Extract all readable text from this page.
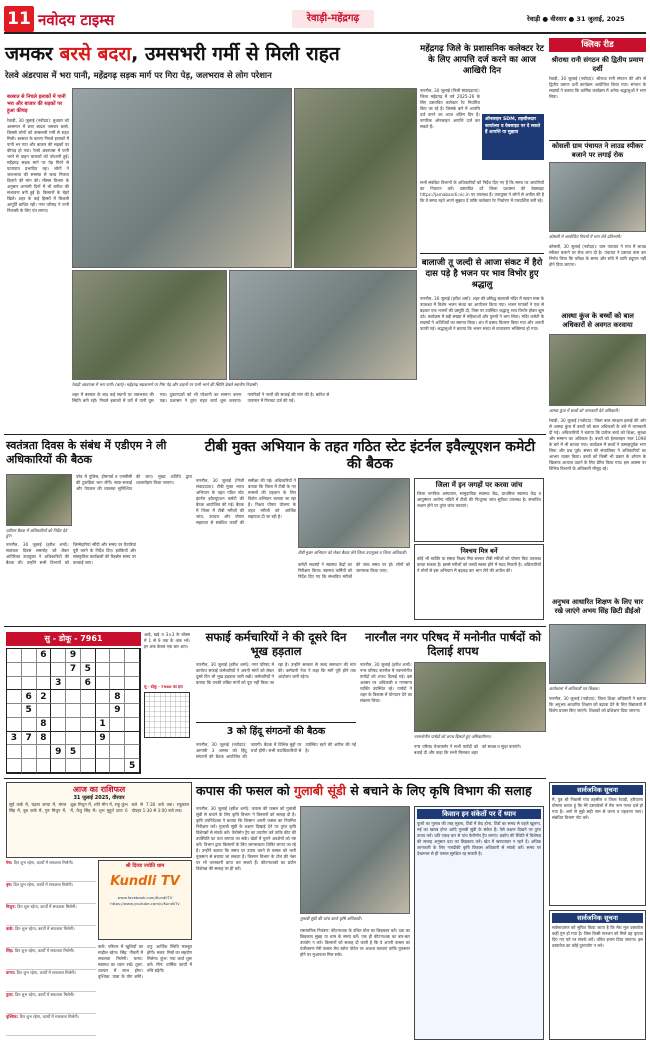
11 नवोदय टाइम्स	रेवाड़ी-महेंद्रगढ़	रेवाड़ी ● वीरवार ● 31 जुलाई, 2025
जमकर बरसे बदरा, उमसभरी गर्मी से मिली राहत
रेलवे अंडरपास में भरा पानी, महेंद्रगढ़ सड़क मार्ग पर गिरा पेड़, जलभराव से लोग परेशान
बरसात से निचले इलाकों में पानी भरा और बाजार की सड़कों पर हुआ कीचड़
रेवाड़ी, 30 जुलाई (नवोदय): बुधवार को आसमान में छाए बादल जमकर बरसे, जिससे लोगों को उमसभरी गर्मी से राहत मिली। बरसात के कारण निचले इलाकों में पानी भर गया और बाजार की सड़कों पर कीचड़ हो गया। रेलवे अंडरपास में पानी भरने से वाहन चालकों को परेशानी हुई। महेंद्रगढ़ सड़क मार्ग पर पेड़ गिरने से यातायात प्रभावित रहा। लोगों ने जलभराव की समस्या से जल्द निजात दिलाने की मांग की। मौसम विभाग के अनुसार आगामी दिनों में भी बारिश की संभावना बनी हुई है। किसानों के चेहरे खिले। शहर के कई हिस्सों में बिजली आपूर्ति बाधित रही। नगर परिषद ने पानी निकासी के लिए पंप लगाए।
रेवाड़ी अंडरपास में भरा पानी। (बाएं)। महेंद्रगढ़ सड़कमार्ग पर गिरा पेड़ और वाहनों पर पानी भरने की स्थिति देखते स्थानीय निवासी।
शहर में बरसात के बाद कई स्थानों पर जलभराव की स्थिति बनी रही। निचले इलाकों में घरों में पानी घुस गया। दुकानदारों को भी परेशानी का सामना करना पड़ा। प्रशासन ने तुरंत राहत कार्य शुरू करवाए। नागरिकों ने नालों की सफाई की मांग की है। बारिश से तापमान में गिरावट दर्ज की गई।
महेंद्रगढ़ जिले के प्रशासनिक कलेक्टर रेट के लिए आपत्ति दर्ज करने का आज आखिरी दिन
नारनौल, 30 जुलाई (निजी संवाददाता): जिला महेंद्रगढ़ में वर्ष 2025-26 के लिए प्रस्तावित कलेक्टर रेट निर्धारित किए जा रहे हैं। जिसके बारे में आपत्ति दर्ज करने का आज अंतिम दिन है। नागरिक ऑनलाइन आपत्ति दर्ज कर सकते हैं।
ऑनलाइन SDM, तहसीलदार कार्यालय व वेबसाइट पर दे सकते हैं आपत्ति या सुझाव
सभी संबंधित विभागों के अधिकारियों को निर्देश दिए गए हैं कि समय पर आपत्तियों का निपटान करें। प्रस्तावित दरें जिला प्रशासन की वेबसाइट https://jamabandi.nic.in पर उपलब्ध हैं। उपायुक्त ने लोगों से अपील की है कि वे समय रहते अपने सुझाव दें ताकि कलेक्टर रेट निर्धारण में पारदर्शिता बनी रहे।
बालाजी तू जल्दी से आजा संकट में हैरो दास पड़े है भजन पर भाव विभोर हुए श्रद्धालु
नारनौल, 30 जुलाई (हरीश शर्मा): शहर की प्रसिद्ध बालाजी मंदिर में सावन मास के उपलक्ष्य में विशेष भजन संध्या का आयोजन किया गया। भजन गायकों ने एक से बढ़कर एक भजनों की प्रस्तुति दी, जिस पर उपस्थित श्रद्धालु भाव विभोर होकर झूम उठे। कार्यक्रम में बड़ी संख्या में महिलाओं और पुरुषों ने भाग लिया। मंदिर कमेटी के सदस्यों ने अतिथियों का स्वागत किया। अंत में प्रसाद वितरण किया गया और आरती उतारी गई। श्रद्धालुओं ने बताया कि भजन संध्या से वातावरण भक्तिमय हो गया।
क्लिक रीड
श्रीराधा रानी संगठन की द्वितीय प्रमाण दर्शी
रेवाड़ी, 30 जुलाई (नवोदय): श्रीराधा रानी संगठन की ओर से द्वितीय प्रमाण दर्शी कार्यक्रम आयोजित किया गया। संगठन के सदस्यों ने बताया कि धार्मिक कार्यक्रम में अनेक श्रद्धालुओं ने भाग लिया।
कोसली ग्राम पंचायत ने लाउड स्पीकर बजाने पर लगाई रोक
कोसली में आयोजित नियमों में भाग लेते प्रतिभागी।
कोसली, 30 जुलाई (नवोदय): ग्राम पंचायत ने गांव में लाउड स्पीकर बजाने पर रोक लगा दी है। पंचायत ने प्रस्ताव पास कर निर्णय लिया कि परीक्षा के समय और रात्रि में ध्वनि प्रदूषण नहीं होने दिया जाएगा।
आस्था कुंज के बच्चों को बाल अधिकारों से अवगत करवाया
आस्था कुंज में बच्चों को जानकारी देते अधिकारी।
रेवाड़ी, 30 जुलाई (नवोदय): जिला बाल संरक्षण इकाई की ओर से आस्था कुंज में बच्चों को बाल अधिकारों के बारे में जानकारी दी गई। अधिकारियों ने बताया कि प्रत्येक बच्चे को शिक्षा, सुरक्षा और सम्मान का अधिकार है। बच्चों को हेल्पलाइन नंबर 1098 के बारे में भी बताया गया। कार्यक्रम में बच्चों ने उत्साहपूर्वक भाग लिया और प्रश्न पूछे। संस्था की संचालिका ने अधिकारियों का आभार व्यक्त किया। बच्चों को किसी भी प्रकार के शोषण के खिलाफ आवाज उठाने के लिए प्रेरित किया गया। इस अवसर पर विभिन्न विभागों के अधिकारी मौजूद रहे।
अनुभव आधारित शिक्षण के लिए चार रखे जाएंगे अभय सिंह छिटी डीईओ
कार्यशाला में अधिकारी एवं शिक्षक।
नारनौल, 30 जुलाई (नवोदय): जिला शिक्षा अधिकारी ने बताया कि अनुभव आधारित शिक्षण को बढ़ावा देने के लिए विद्यालयों में विशेष प्रयास किए जाएंगे। शिक्षकों को प्रशिक्षण दिया जाएगा।
स्वतंत्रता दिवस के संबंध में एडीएम ने ली अधिकारियों की बैठक
एडीएम बैठक में अधिकारियों को निर्देश देते हुए।
नारनौल, 30 जुलाई (हरीश शर्मा): स्वतंत्रता दिवस समारोह को लेकर अतिरिक्त उपायुक्त ने अधिकारियों की बैठक ली। उन्होंने सभी विभागों को जिम्मेदारियां सौंपी और समय पर तैयारियां पूरी करने के निर्देश दिए। झांकियों और सांस्कृतिक कार्यक्रमों की रिहर्सल समय पर करवाई जाए।
परेड में पुलिस, होमगार्ड व एनसीसी की टुकड़ियां भाग लेंगी। साफ-सफाई और पेयजल की व्यवस्था सुनिश्चित की जाए। मुख्य अतिथि द्वारा ध्वजारोहण किया जाएगा।
टीबी मुक्त अभियान के तहत गठित स्टेट इंटर्नल इवैल्यूएशन कमेटी की बैठक
नारनौल, 30 जुलाई (निजी संवाददाता): टीबी मुक्त भारत अभियान के तहत गठित स्टेट इंटर्नल इवैल्यूएशन कमेटी की बैठक आयोजित की गई। बैठक में जिला में टीबी मरीजों की जांच, उपचार और पोषण सहायता से संबंधित कार्यों की समीक्षा की गई। अधिकारियों ने बताया कि जिला में टीबी के नए मामलों की पहचान के लिए विशेष अभियान चलाया जा रहा है। निक्षय पोषण योजना के तहत मरीजों को आर्थिक सहायता दी जा रही है।
टीबी मुक्त अभियान को लेकर बैठक लेते जिला उपायुक्त व जिला अधिकारी।
कमेटी सदस्यों ने स्वास्थ्य केंद्रों का निरीक्षण किया। स्वास्थ्य कर्मियों को निर्देश दिए गए कि संभावित मरीजों की जांच समय पर हो। लोगों को जागरूक किया जाए।
जिला में इन जगहों पर करवा जांच
जिला नागरिक अस्पताल, सामुदायिक स्वास्थ्य केंद्र, प्राथमिक स्वास्थ्य केंद्र व आयुष्मान आरोग्य मंदिरों में टीबी की निःशुल्क जांच सुविधा उपलब्ध है। संभावित लक्षण होने पर तुरंत जांच करवाएं।
निश्चय मित्र बनें
कोई भी व्यक्ति या संस्था निक्षय मित्र बनकर टीबी मरीजों को पोषण किट उपलब्ध करवा सकता है। इससे मरीजों को जल्दी स्वस्थ होने में मदद मिलती है। अधिकारियों ने लोगों से इस अभियान में बढ़चढ़ कर भाग लेने की अपील की।
सु - डोकू - 7961
6	9
7 5
3	6
6 2	8
5	9
8	1
3 7 8	9
9 5
5
आड़े, खड़े व 3×3 के बॉक्स में 1 से 9 तक के अंक भरें। हर अंक केवल एक बार आए।
सु - डोकू - 7960 का हल
सफाई कर्मचारियों ने की दूसरे दिन भूख हड़ताल
नारनौल, 30 जुलाई (हरीश शर्मा): नगर परिषद में कार्यरत सफाई कर्मचारियों ने अपनी मांगों को लेकर दूसरे दिन भी भूख हड़ताल जारी रखी। कर्मचारियों ने बताया कि उनकी लंबित मांगों को पूरा नहीं किया जा रहा है। उन्होंने सरकार से जल्द समाधान की मांग की। कर्मचारी नेता ने कहा कि मांगें पूरी होने तक आंदोलन जारी रहेगा।
3 को हिंदू संगठनों की बैठक
नारनौल, 30 जुलाई (नवोदय): आगामी 3 अगस्त को हिंदू संगठनों की बैठक आयोजित की जाएगी। बैठक में विभिन्न मुद्दों पर चर्चा होगी। सभी पदाधिकारियों से उपस्थित रहने की अपील की गई है।
नारनौल नगर परिषद में मनोनीत पार्षदों को दिलाई शपथ
नारनौल, 30 जुलाई (हरीश शर्मा): नगर परिषद नारनौल में नवमनोनीत पार्षदों को शपथ दिलाई गई। इस अवसर पर अधिकारी व गणमान्य व्यक्ति उपस्थित रहे। पार्षदों ने शहर के विकास में योगदान देने का संकल्प लिया।
नवमनोनीत पार्षदों को शपथ दिलाते हुए अधिकारीगण।
नगर परिषद चेयरपर्सन ने सभी पार्षदों को बधाई दी और कहा कि सभी मिलकर शहर को स्वच्छ व सुंदर बनाएंगे।
आज का राशिफल
31 जुलाई 2025, वीरवार
सूर्य कर्क में, चंद्रमा कन्या में, मंगल सिंह में, बुध कर्क में, गुरु मिथुन में, शुक्र मिथुन में, शनि मीन में, राहु कुंभ में, केतु सिंह में। शुभ मुहूर्त प्रातः 6 बजे से 7:30 बजे तक। राहुकाल दोपहर 1:30 से 3:00 बजे तक।
मेष: दिन शुभ रहेगा, कार्यों में सफलता मिलेगी।
वृष: दिन शुभ रहेगा, कार्यों में सफलता मिलेगी।
मिथुन: दिन शुभ रहेगा, कार्यों में सफलता मिलेगी।
कर्क: दिन शुभ रहेगा, कार्यों में सफलता मिलेगी।
सिंह: दिन शुभ रहेगा, कार्यों में सफलता मिलेगी।
कन्या: दिन शुभ रहेगा, कार्यों में सफलता मिलेगी।
तुला: दिन शुभ रहेगा, कार्यों में सफलता मिलेगी।
वृश्चिक: दिन शुभ रहेगा, कार्यों में सफलता मिलेगी।
श्री दिव्या ज्योति धाम
Kundli TV
www.facebook.com/KundliTV
https://www.youtube.com/c/KundliTv
कर्क: परिवार में खुशियों का माहौल रहेगा। सिंह: नौकरी में सफलता मिलेगी। कन्या: स्वास्थ्य का ध्यान रखें। तुला: व्यापार में लाभ होगा। वृश्चिक: यात्रा के योग बनेंगे। धनु: आर्थिक स्थिति मजबूत होगी। मकर: मित्रों का सहयोग मिलेगा। कुंभ: नया कार्य शुरू करें। मीन: धार्मिक कार्यों में रुचि बढ़ेगी।
कपास की फसल को गुलाबी सूंडी से बचाने के लिए कृषि विभाग की सलाह
नारनौल, 30 जुलाई (हरीश शर्मा): कपास की फसल को गुलाबी सुंडी से बचाने के लिए कृषि विभाग ने किसानों को सलाह दी है। कृषि उपनिदेशक ने बताया कि किसान अपनी फसल का नियमित निरीक्षण करें। गुलाबी सुंडी के लक्षण दिखाई देने पर तुरंत कृषि विशेषज्ञों से संपर्क करें। फेरोमोन ट्रैप का उपयोग करें ताकि कीट की उपस्थिति का पता लगाया जा सके। खेतों में पुराने अवशेषों को नष्ट करें। विभाग द्वारा किसानों के लिए जागरूकता शिविर लगाए जा रहे हैं। उन्होंने बताया कि समय पर उपाय करने से फसल को भारी नुकसान से बचाया जा सकता है। किसान विभाग के टोल फ्री नंबर पर भी जानकारी प्राप्त कर सकते हैं। कीटनाशकों का प्रयोग विशेषज्ञ की सलाह पर ही करें।
गुलाबी सुंडी की जांच करते कृषि अधिकारी।
रासायनिक नियंत्रण: कीटनाशक के उचित घोल का छिड़काव करें। दवा का छिड़काव सुबह या शाम के समय करें। एक ही कीटनाशक का बार-बार उपयोग न करें। किसानों को सलाह दी जाती है कि वे अपनी फसल का पंजीकरण मेरी फसल मेरा ब्योरा पोर्टल पर अवश्य करवाएं ताकि नुकसान होने पर मुआवजा मिल सके।
किसान इन संकेतों पर दें ध्यान
फूलों का गुलाब की तरह मुड़ना, टिंडों में छेद होना, टिंडों का समय से पहले खुलना, रुई का खराब होना आदि गुलाबी सुंडी के संकेत हैं। ऐसे लक्षण दिखने पर तुरंत उपाय करें। प्रति एकड़ चार से पांच फेरोमोन ट्रैप लगाएं। प्रकोप की स्थिति में विशेषज्ञ की सलाह अनुसार दवा का छिड़काव करें। खेत में खरपतवार न रहने दें। अधिक जानकारी के लिए नजदीकी कृषि विकास अधिकारी से संपर्क करें। समय पर देखभाल से ही फसल सुरक्षित रह सकती है।
सार्वजनिक सूचना
मैं, पुत्र श्री निवासी गांव तहसील व जिला रेवाड़ी, हरियाणा घोषणा करता हूं कि मेरे दस्तावेजों में मेरा नाम गलत दर्ज हो गया है। आगे से मुझे सही नाम से जाना व पहचाना जाए। संबंधित विभाग नोट करें।
सार्वजनिक सूचना
सर्वसाधारण को सूचित किया जाता है कि मेरा मूल दस्तावेज कहीं गुम हो गया है। जिस किसी सज्जन को मिले वह कृपया दिए गए पते पर संपर्क करें। उचित इनाम दिया जाएगा। इस दस्तावेज का कोई दुरुपयोग न करे।
